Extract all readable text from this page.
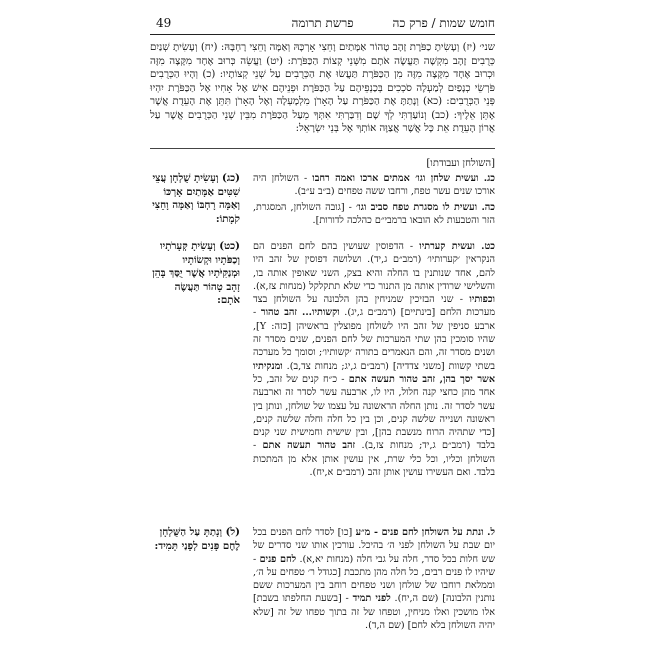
חומש שמות / פרק כה
פרשת תרומה
49
שני׳ (יז) וְעָשִׂיתָ כַפֹּרֶת זָהָב טָהוֹר אַמָּתַיִם וָחֵצִי אָרְכָּהּ וְאַמָּה וָחֵצִי רָחְבָּהּ: (יח) וְעָשִׂיתָ שְׁנַיִם כְּרֻבִים זָהָב מִקְשָׁה תַּעֲשֶׂה אֹתָם מִשְּׁנֵי קְצוֹת הַכַּפֹּרֶת: (יט) וַעֲשֵׂה כְּרוּב אֶחָד מִקָּצָה מִזֶּה וּכְרוּב אֶחָד מִקָּצָה מִזֶּה מִן הַכַּפֹּרֶת תַּעֲשׂוּ אֶת הַכְּרֻבִים עַל שְׁנֵי קְצוֹתָיו: (כ) וְהָיוּ הַכְּרֻבִים פֹּרְשֵׂי כְנָפַיִם לְמַעְלָה סֹכְכִים בְּכַנְפֵיהֶם עַל הַכַּפֹּרֶת וּפְנֵיהֶם אִישׁ אֶל אָחִיו אֶל הַכַּפֹּרֶת יִהְיוּ פְּנֵי הַכְּרֻבִים: (כא) וְנָתַתָּ אֶת הַכַּפֹּרֶת עַל הָאָרֹן מִלְמָעְלָה וְאֶל הָאָרֹן תִּתֵּן אֶת הָעֵדֻת אֲשֶׁר אֶתֵּן אֵלֶיךָ: (כב) וְנוֹעַדְתִּי לְךָ שָׁם וְדִבַּרְתִּי אִתְּךָ מֵעַל הַכַּפֹּרֶת מִבֵּין שְׁנֵי הַכְּרֻבִים אֲשֶׁר עַל אֲרוֹן הָעֵדֻת אֵת כָּל אֲשֶׁר אֲצַוֶּה אוֹתְךָ אֶל בְּנֵי יִשְׂרָאֵל:
[השולחן ועבודתו]
(כג) וְעָשִׂיתָ שֻׁלְחָן עֲצֵי שִׁטִּים אַמָּתַיִם אָרְכּוֹ וְאַמָּה רָחְבּוֹ וְאַמָּה וָחֵצִי קֹמָתוֹ:
(כט) וְעָשִׂיתָ קְּעָרֹתָיו וְכַפֹּתָיו וּקְשׂוֹתָיו וּמְנַקִּיֹּתָיו אֲשֶׁר יֻסַּךְ בָּהֵן זָהָב טָהוֹר תַּעֲשֶׂה אֹתָם:
(ל) וְנָתַתָּ עַל הַשֻּׁלְחָן לֶחֶם פָּנִים לְפָנַי תָּמִיד:
כג. ועשית שלחן וגו׳ אמתים ארכו ואמה רחבו - השולחן היה אורכו שנים עשר טפח, ורחבו ששה טפחים (ב״ב ע״ב).
כה. ועשית לו מסגרת טפח סביב וגו׳ - [גובה השולחן, המסגרת, הזר והטבעות לא הובאו ברמבי״ם כהלכה לדורות].
כט. ועשית קערתיו - הדפוסין שעושין בהם לחם הפנים הם הנקראין ׳קערותיו׳ (רמב״ם ג,יד). ושלושה דפוסין של זהב היו להם, אחד שנותנין בו החלה והיא בצק, השני שאופין אותה בו, והשלישי שרודין אותה מן התנור כדי שלא תתקלקל (מנחות צז,א). וכפותיו - שני הבזיכין שמניחין בהן הלבונה על השולחן בצד מערכות הלחם [בינתיים] (רמב״ם ג,יג). וקשותיו... זהב טהור - ארבע סניפין של זהב היו לשולחן מפוצלין בראשיהן [כזה: Y], שהיו סומכין בהן שתי המערכות של לחם הפנים, שנים מסדר זה ושנים מסדר זה, והם הנאמרים בתורה ׳קשותיו׳; וסומך כל מערכה בשתי קשוות [משני צדדיה] (רמב״ם ג,יג; מנחות צד,ב). ומנקיתיו אשר יסך בהן, זהב טהור תעשה אתם - כ״ח קנים של זהב, כל אחד מהן כחצי קנה חלול, היו לו, ארבעה עשר לסדר זה וארבעה עשר לסדר זה. נותן החלה הראשונה על עצמו של שולחן, ונותן בין ראשונה ושנייה שלשה קנים, וכן בין כל חלה וחלה שלשה קנים, [כדי שתהיה הרוח מנשבת בהן], ובין שישית וחמישית שני קנים בלבד (רמב״ם ג,יד; מנחות צז,ב). זהב טהור תעשה אתם - השולחן וכליו, וכל כלי שרת, אין עושין אותן אלא מן המתכות בלבד. ואם העשירו עושין אותן זהב (רמב״ם א,יח).
ל. ונתת על השולחן לחם פנים - מ״ע [כו] לסדר לחם הפנים בכל יום שבת על השולחן לפני ה׳ בהיכל. עורכין אותו שני סדרים של שש חלות בכל סדר, חלה על גבי חלה (מנחות יא,א). לחם פנים - שיהיו לו פנים רבים, כל חלה מהן מתכבת [כגודל ר׳ טפחים על ה׳, וממלאת רוחבו של שולחן ושני טפחים רוחב בין המערכות ששם נותנין הלבונה] (שם ה,יח). לפני תמיד - [בשעת החלפתו בשבת] אלו מושכין ואלו מניחין, וטפחו של זה בתוך טפחו של זה [שלא יהיה השולחן בלא לחם] (שם ה,ד).
